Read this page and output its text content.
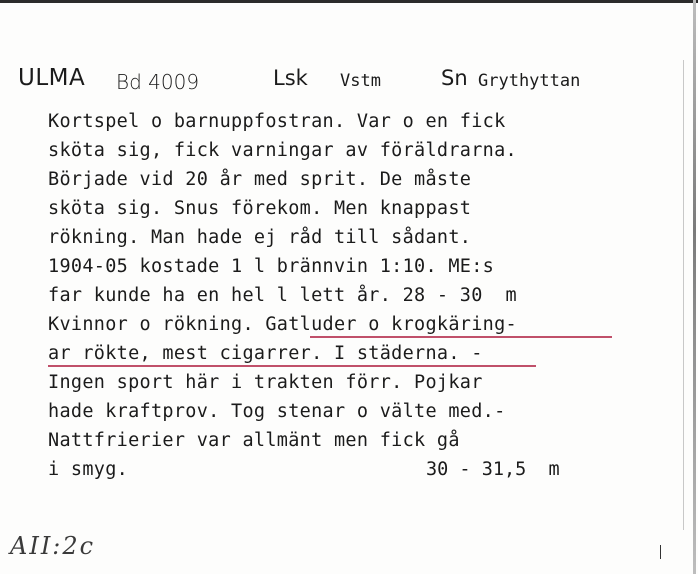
ULMA Bd 4009	Lsk Vstm	Sn Grythyttan
Kortspel o barnuppfostran. Var o en fick
sköta sig, fick varningar av föräldrarna.
Började vid 20 år med sprit. De måste
sköta sig. Snus förekom. Men knappast
rökning. Man hade ej råd till sådant.
1904-05 kostade 1 l brännvin 1:10. ME:s
far kunde ha en hel l lett år. 28 - 30  m
Kvinnor o rökning. Gatluder o krogkäring-
ar rökte, mest cigarrer. I städerna. -
Ingen sport här i trakten förr. Pojkar
hade kraftprov. Tog stenar o välte med.-
Nattfrierier var allmänt men fick gå
i smyg.	30 - 31,5  m
AII:2c
